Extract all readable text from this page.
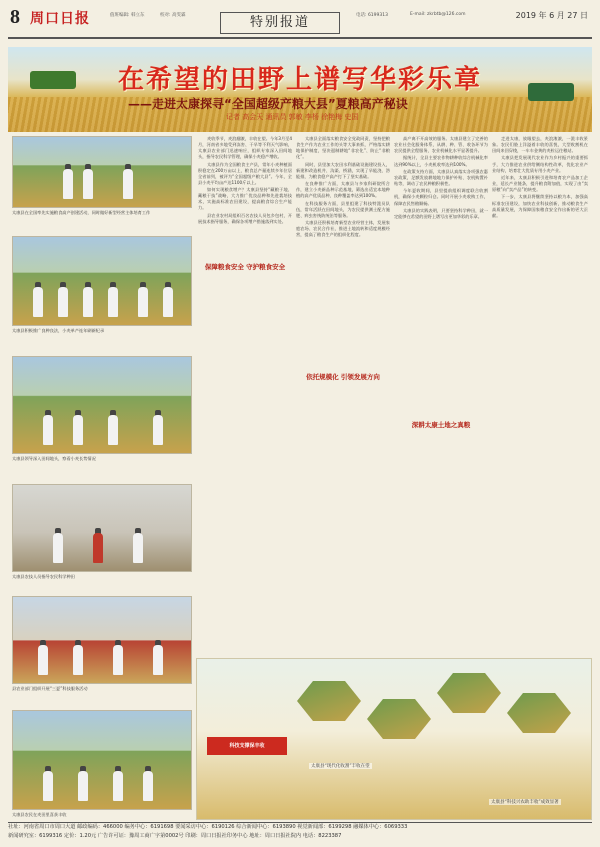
8 周口日报	值班编辑: 韩立东	校对: 高雯霖	特别报道	电话: 6199313	E-mail: zkrbtb@126.com	2019 年 6 月 27 日
在希望的田野上谱写华彩乐章
——走进太康探寻“全国超级产粮大县”夏粮高产秘诀
记者 高会天 通讯员 郭敏 李杨 徐艳梅 史国
太康县在全国率先实施粮食高产创建活动，同时做好新型经营主体培育工作
太康县积极推广良种良法，小麦单产连年刷新纪录
太康县领导深入田间地头，察看小麦长势情况
太康县农技人员指导农民科学种田
县农业部门组织开展“三夏”科技服务活动
太康县农民在麦田里喜获丰收

麦收季节，麦浪翻滚，丰收在望。今年3月至4月，河南省多地受到冻害、干旱等不利天气影响，太康县农业部门迅速响应，组织专家深入田间地头，指导农民科学管理，确保小麦稳产增收。

太康县作为全国粮食主产县，常年小麦种植面积稳定在200万亩以上，粮食总产量连续多年位居全省前列，被评为“全国超级产粮大县”。今年，全县小麦平均亩产达1100斤以上。

如何实现粮食增产？太康县坚持“藏粮于地、藏粮于技”战略，大力推广优良品种和先进栽培技术，实施高标准农田建设，提高粮食综合生产能力。

县农业农村局组织百名农技人员包乡包村，开展技术指导服务，确保各项增产措施落到实处。

保障粮食安全 守护粮食安全

太康县全面落实粮食安全党政同责，坚持把粮食生产作为农业工作的头等大事来抓，严格落实耕地保护制度，坚决遏制耕地“非农化”、防止“非粮化”。

同时，县里加大农田水利基础设施建设投入，新建和改造机井、沟渠、桥涵，实现了旱能浇、涝能排，为粮食稳产高产打下了坚实基础。

在良种推广方面，太康县与多家科研院所合作，建立小麦新品种示范基地，筛选出适宜本地种植的高产优质品种，良种覆盖率达到100%。

在科技服务方面，县里组建了科技特派员队伍，常年活跃在田间地头，为农民提供测土配方施肥、病虫害统防统治等服务。

太康县还积极培育新型农业经营主体，发展家庭农场、农民合作社，推进土地流转和适度规模经营，提高了粮食生产的组织化程度。

依托规模化 引领发展方向

高产离不开高效的服务。太康县建立了完善的农业社会化服务体系，从耕、种、管、收各环节为农民提供全程服务，农业机械化水平显著提升。

据统计，全县主要农作物耕种收综合机械化率达到90%以上，小麦机收率达到100%。

在政策支持方面，太康县认真落实各项强农惠农政策，足额发放耕地地力保护补贴、农机购置补贴等，调动了农民种粮积极性。

今年夏收期间，县里提前组织调度联合收割机，确保小麦颗粒归仓。同时开展小麦收购工作，保障农民售粮顺畅。

太康县的实践表明，只要坚持科学种田，就一定能够在希望的田野上谱写出更加华彩的乐章。

深耕太康土地之真粮

走进太康，放眼望去，麦浪滚滚，一派丰收景象。农民们脸上洋溢着丰收的喜悦，大型收割机在田间来回穿梭，一车车金黄的麦粒运往粮站。

太康县把发展现代农业作为乡村振兴的重要抓手，大力推进农业供给侧结构性改革，优化农业产业结构，培育壮大优质专用小麦产业。

近年来，太康县积极引进和培育农产品加工企业，延长产业链条，提升粮食附加值，实现了由“卖原粮”向“卖产品”的转变。

下一步，太康县将继续坚持以粮为本，加强高标准农田建设，加快农业科技创新，推动粮食生产高质量发展，为保障国家粮食安全作出新的更大贡献。

科技支撑保丰收
太康县“现代化收割”丰收在望
太康县“科技兴农助丰收”成效显著
社址：河南省周口市周口大道 邮政编码：466000 编务中心：6191698 要闻采访中心：6190126 综合新闻中心：6193890 视觉新闻部：6199298 融媒体中心：6069333
新闻研究室：6199316 定价：1.20元 广告许可证：豫周工商广字第0002号 印刷：周口日报社印务中心 地址：周口日报社院内 电话：8223387
